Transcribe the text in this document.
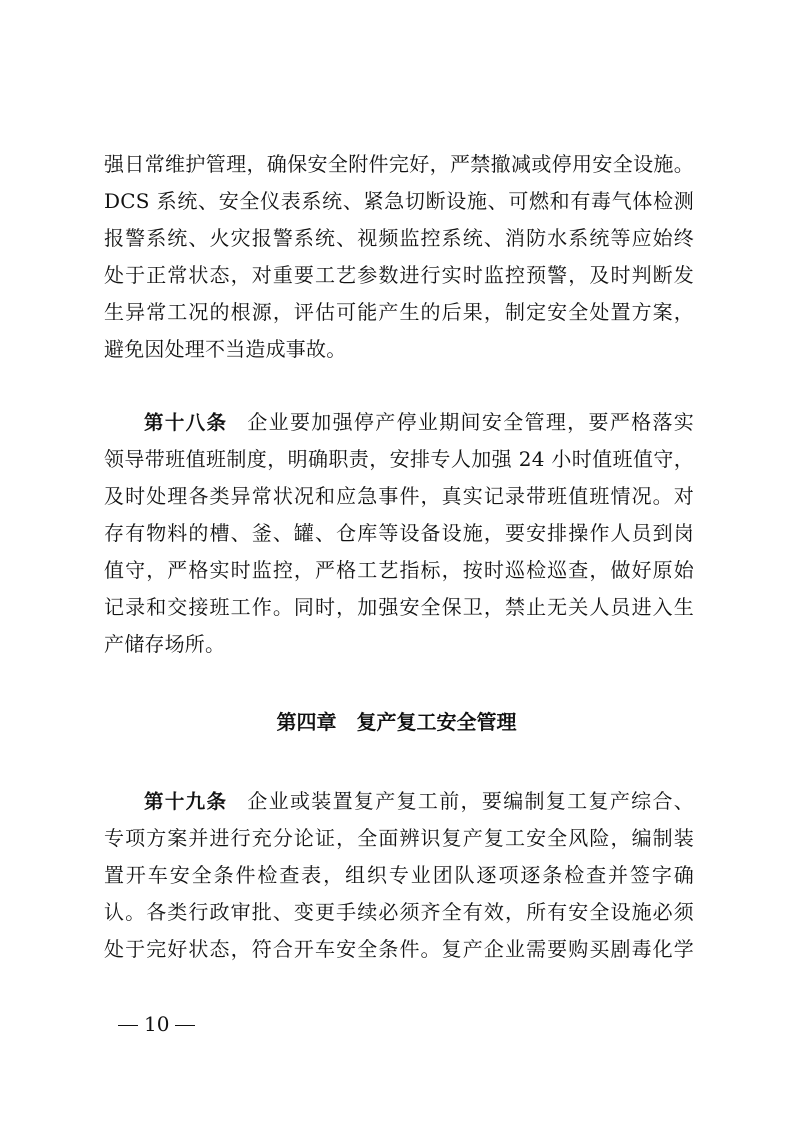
强日常维护管理，确保安全附件完好，严禁撤减或停用安全设施。
DCS 系统、安全仪表系统、紧急切断设施、可燃和有毒气体检测
报警系统、火灾报警系统、视频监控系统、消防水系统等应始终
处于正常状态，对重要工艺参数进行实时监控预警，及时判断发
生异常工况的根源，评估可能产生的后果，制定安全处置方案，
避免因处理不当造成事故。
第十八条 企业要加强停产停业期间安全管理，要严格落实
领导带班值班制度，明确职责，安排专人加强 24 小时值班值守，
及时处理各类异常状况和应急事件，真实记录带班值班情况。对
存有物料的槽、釜、罐、仓库等设备设施，要安排操作人员到岗
值守，严格实时监控，严格工艺指标，按时巡检巡查，做好原始
记录和交接班工作。同时，加强安全保卫，禁止无关人员进入生
产储存场所。
第四章 复产复工安全管理
第十九条 企业或装置复产复工前，要编制复工复产综合、
专项方案并进行充分论证，全面辨识复产复工安全风险，编制装
置开车安全条件检查表，组织专业团队逐项逐条检查并签字确
认。各类行政审批、变更手续必须齐全有效，所有安全设施必须
处于完好状态，符合开车安全条件。复产企业需要购买剧毒化学
10
